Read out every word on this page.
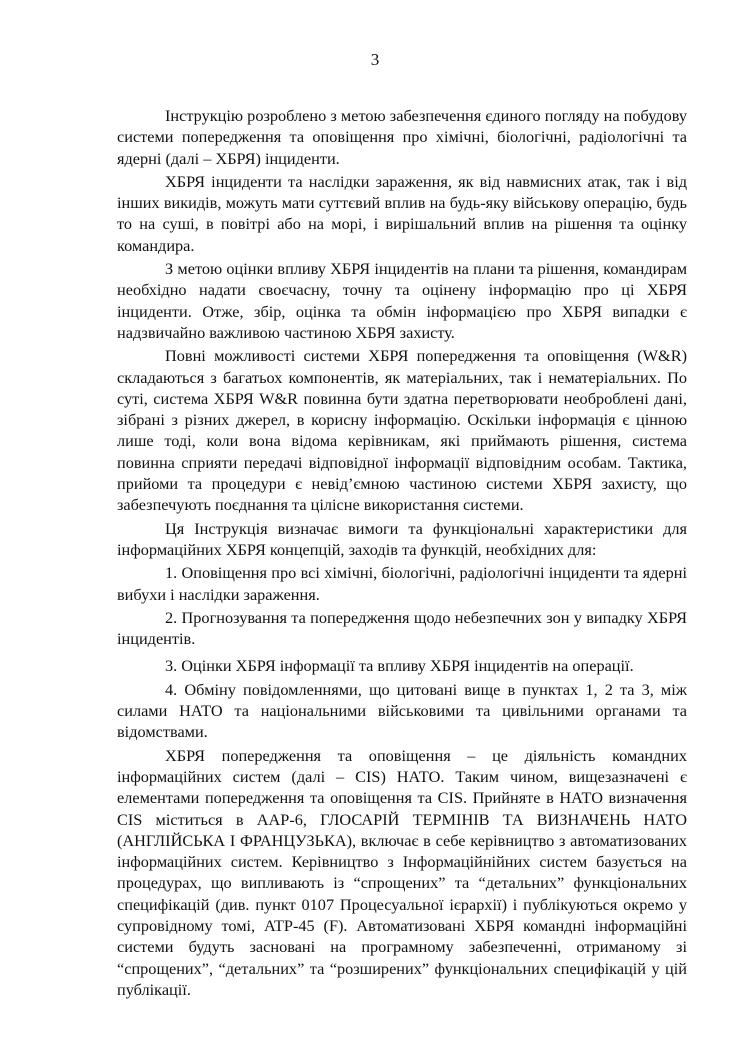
3

Інструкцію розроблено з метою забезпечення єдиного погляду на побудову системи попередження та оповіщення про хімічні, біологічні, радіологічні та ядерні (далі – ХБРЯ) інциденти.

ХБРЯ інциденти та наслідки зараження, як від навмисних атак, так і від інших викидів, можуть мати суттєвий вплив на будь-яку військову операцію, будь то на суші, в повітрі або на морі, і вирішальний вплив на рішення та оцінку командира.

З метою оцінки впливу ХБРЯ інцидентів на плани та рішення, командирам необхідно надати своєчасну, точну та оцінену інформацію про ці ХБРЯ інциденти. Отже, збір, оцінка та обмін інформацією про ХБРЯ випадки є надзвичайно важливою частиною ХБРЯ захисту.

Повні можливості системи ХБРЯ попередження та оповіщення (W&R) складаються з багатьох компонентів, як матеріальних, так і нематеріальних. По суті, система ХБРЯ W&R повинна бути здатна перетворювати необроблені дані, зібрані з різних джерел, в корисну інформацію. Оскільки інформація є цінною лише тоді, коли вона відома керівникам, які приймають рішення, система повинна сприяти передачі відповідної інформації відповідним особам. Тактика, прийоми та процедури є невід’ємною частиною системи ХБРЯ захисту, що забезпечують поєднання та цілісне використання системи.

Ця Інструкція визначає вимоги та функціональні характеристики для інформаційних ХБРЯ концепцій, заходів та функцій, необхідних для:

1. Оповіщення про всі хімічні, біологічні, радіологічні інциденти та ядерні вибухи і наслідки зараження.

2. Прогнозування та попередження щодо небезпечних зон у випадку ХБРЯ інцидентів.

3. Оцінки ХБРЯ інформації та впливу ХБРЯ інцидентів на операції.

4. Обміну повідомленнями, що цитовані вище в пунктах 1, 2 та 3, між силами НАТО та національними військовими та цивільними органами та відомствами.

ХБРЯ попередження та оповіщення – це діяльність командних інформаційних систем (далі – CIS) НАТО. Таким чином, вищезазначені є елементами попередження та оповіщення та CIS. Прийняте в НАТО визначення CIS міститься в AAP-6, ГЛОСАРІЙ ТЕРМІНІВ ТА ВИЗНАЧЕНЬ НАТО (АНГЛІЙСЬКА І ФРАНЦУЗЬКА), включає в себе керівництво з автоматизованих інформаційних систем. Керівництво з Інформаційнійних систем базується на процедурах, що випливають із “спрощених” та “детальних” функціональних специфікацій (див. пункт 0107 Процесуальної ієрархії) і публікуються окремо у супровідному томі, ATP-45 (F). Автоматизовані ХБРЯ командні інформаційні системи будуть засновані на програмному забезпеченні, отриманому зі “спрощених”, “детальних” та “розширених” функціональних специфікацій у цій публікації.
